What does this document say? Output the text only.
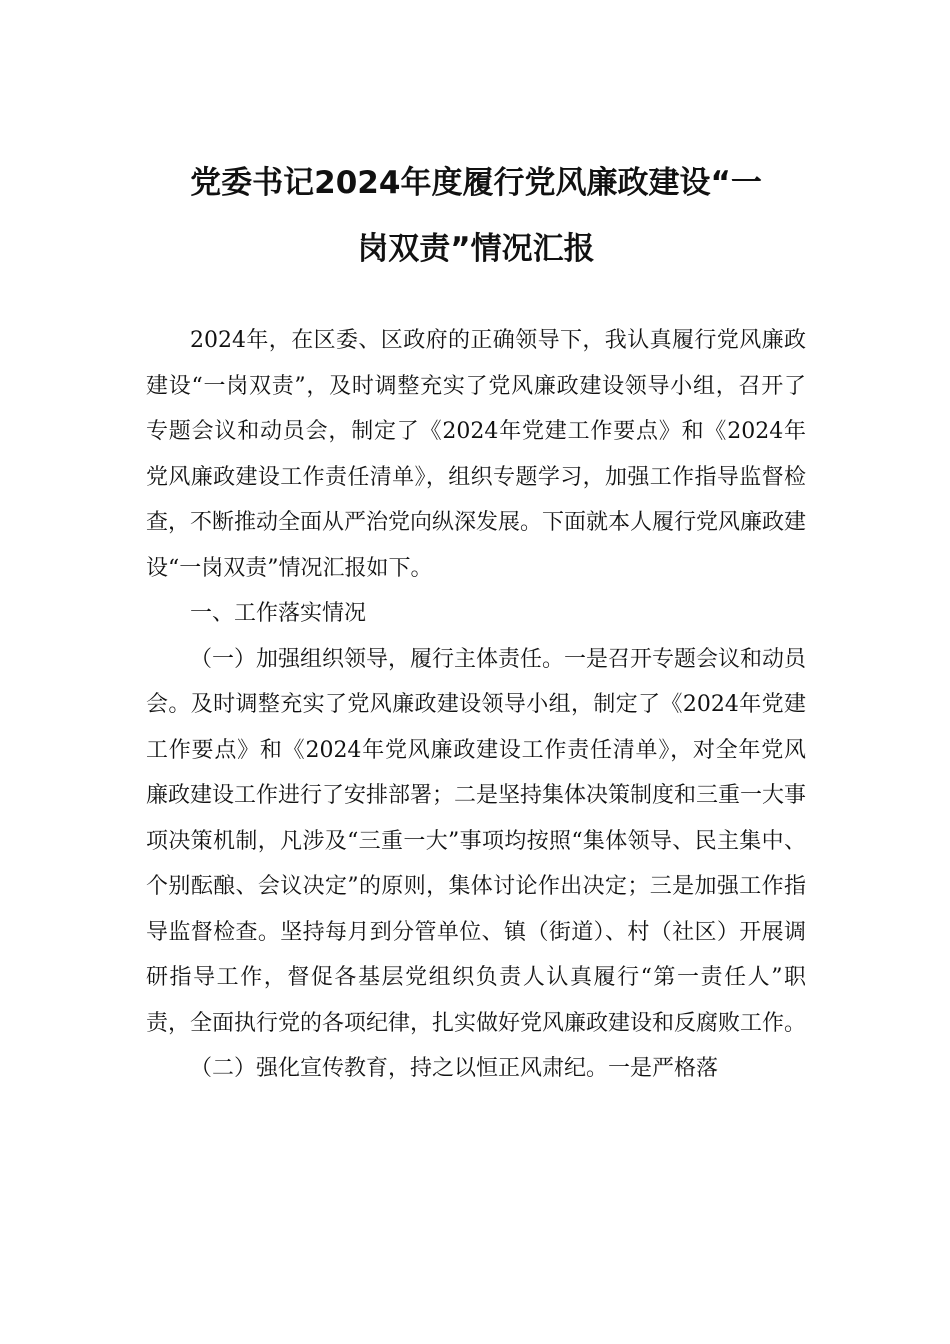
党委书记2024年度履行党风廉政建设“一
岗双责”情况汇报

2024年，在区委、区政府的正确领导下，我认真履行党风廉政建设“一岗双责”，及时调整充实了党风廉政建设领导小组，召开了专题会议和动员会，制定了《2024年党建工作要点》和《2024年党风廉政建设工作责任清单》，组织专题学习，加强工作指导监督检查，不断推动全面从严治党向纵深发展。下面就本人履行党风廉政建设“一岗双责”情况汇报如下。

一、工作落实情况

（一）加强组织领导，履行主体责任。一是召开专题会议和动员会。及时调整充实了党风廉政建设领导小组，制定了《2024年党建工作要点》和《2024年党风廉政建设工作责任清单》，对全年党风廉政建设工作进行了安排部署；二是坚持集体决策制度和三重一大事项决策机制，凡涉及“三重一大”事项均按照“集体领导、民主集中、个别酝酿、会议决定”的原则，集体讨论作出决定；三是加强工作指导监督检查。坚持每月到分管单位、镇（街道）、村（社区）开展调研指导工作，督促各基层党组织负责人认真履行“第一责任人”职责，全面执行党的各项纪律，扎实做好党风廉政建设和反腐败工作。

（二）强化宣传教育，持之以恒正风肃纪。一是严格落
